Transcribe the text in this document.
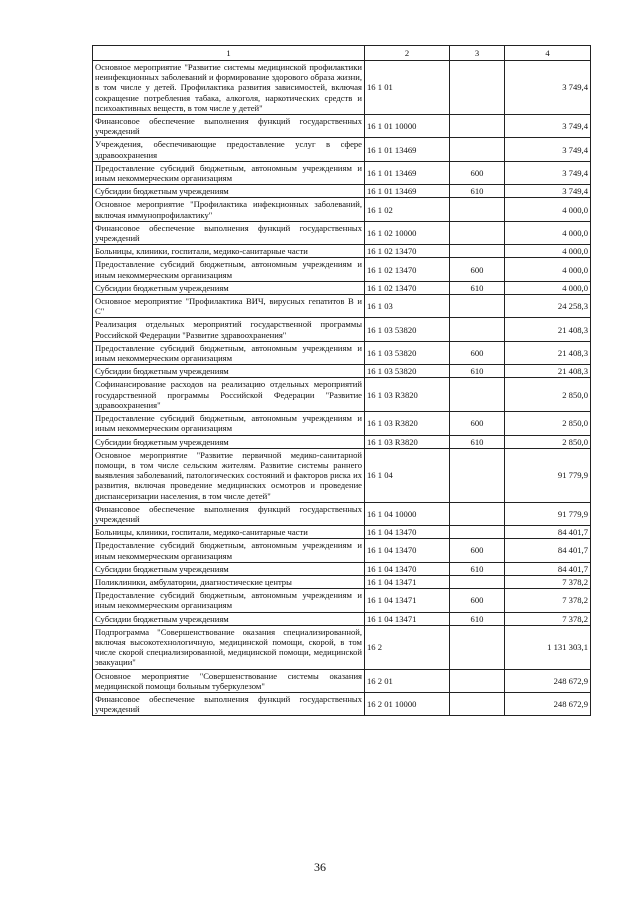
1	2	3	4
Основное мероприятие "Развитие системы медицинской профилактики неинфекционных заболеваний и формирование здорового образа жизни, в том числе у детей. Профилактика развития зависимостей, включая сокращение потребления табака, алкоголя, наркотических средств и психоактивных веществ, в том числе у детей"	16 1 01		3 749,4
Финансовое обеспечение выполнения функций государственных учреждений	16 1 01 10000		3 749,4
Учреждения, обеспечивающие предоставление услуг в сфере здравоохранения	16 1 01 13469		3 749,4
Предоставление субсидий бюджетным, автономным учреждениям и иным некоммерческим организациям	16 1 01 13469	600	3 749,4
Субсидии бюджетным учреждениям	16 1 01 13469	610	3 749,4
Основное мероприятие "Профилактика инфекционных заболеваний, включая иммунопрофилактику"	16 1 02		4 000,0
Финансовое обеспечение выполнения функций государственных учреждений	16 1 02 10000		4 000,0
Больницы, клиники, госпитали, медико-санитарные части	16 1 02 13470		4 000,0
Предоставление субсидий бюджетным, автономным учреждениям и иным некоммерческим организациям	16 1 02 13470	600	4 000,0
Субсидии бюджетным учреждениям	16 1 02 13470	610	4 000,0
Основное мероприятие "Профилактика ВИЧ, вирусных гепатитов В и С"	16 1 03		24 258,3
Реализация отдельных мероприятий государственной программы Российской Федерации "Развитие здравоохранения"	16 1 03 53820		21 408,3
Предоставление субсидий бюджетным, автономным учреждениям и иным некоммерческим организациям	16 1 03 53820	600	21 408,3
Субсидии бюджетным учреждениям	16 1 03 53820	610	21 408,3
Софинансирование расходов на реализацию отдельных мероприятий государственной программы Российской Федерации "Развитие здравоохранения"	16 1 03 R3820		2 850,0
Предоставление субсидий бюджетным, автономным учреждениям и иным некоммерческим организациям	16 1 03 R3820	600	2 850,0
Субсидии бюджетным учреждениям	16 1 03 R3820	610	2 850,0
Основное мероприятие "Развитие первичной медико-санитарной помощи, в том числе сельским жителям. Развитие системы раннего выявления заболеваний, патологических состояний и факторов риска их развития, включая проведение медицинских осмотров и проведение диспансеризации населения, в том числе детей"	16 1 04		91 779,9
Финансовое обеспечение выполнения функций государственных учреждений	16 1 04 10000		91 779,9
Больницы, клиники, госпитали, медико-санитарные части	16 1 04 13470		84 401,7
Предоставление субсидий бюджетным, автономным учреждениям и иным некоммерческим организациям	16 1 04 13470	600	84 401,7
Субсидии бюджетным учреждениям	16 1 04 13470	610	84 401,7
Поликлиники, амбулатории, диагностические центры	16 1 04 13471		7 378,2
Предоставление субсидий бюджетным, автономным учреждениям и иным некоммерческим организациям	16 1 04 13471	600	7 378,2
Субсидии бюджетным учреждениям	16 1 04 13471	610	7 378,2
Подпрограмма "Совершенствование оказания специализированной, включая высокотехнологичную, медицинской помощи, скорой, в том числе скорой специализированной, медицинской помощи, медицинской эвакуации"	16 2		1 131 303,1
Основное мероприятие "Совершенствование системы оказания медицинской помощи больным туберкулезом"	16 2 01		248 672,9
Финансовое обеспечение выполнения функций государственных учреждений	16 2 01 10000		248 672,9
36
